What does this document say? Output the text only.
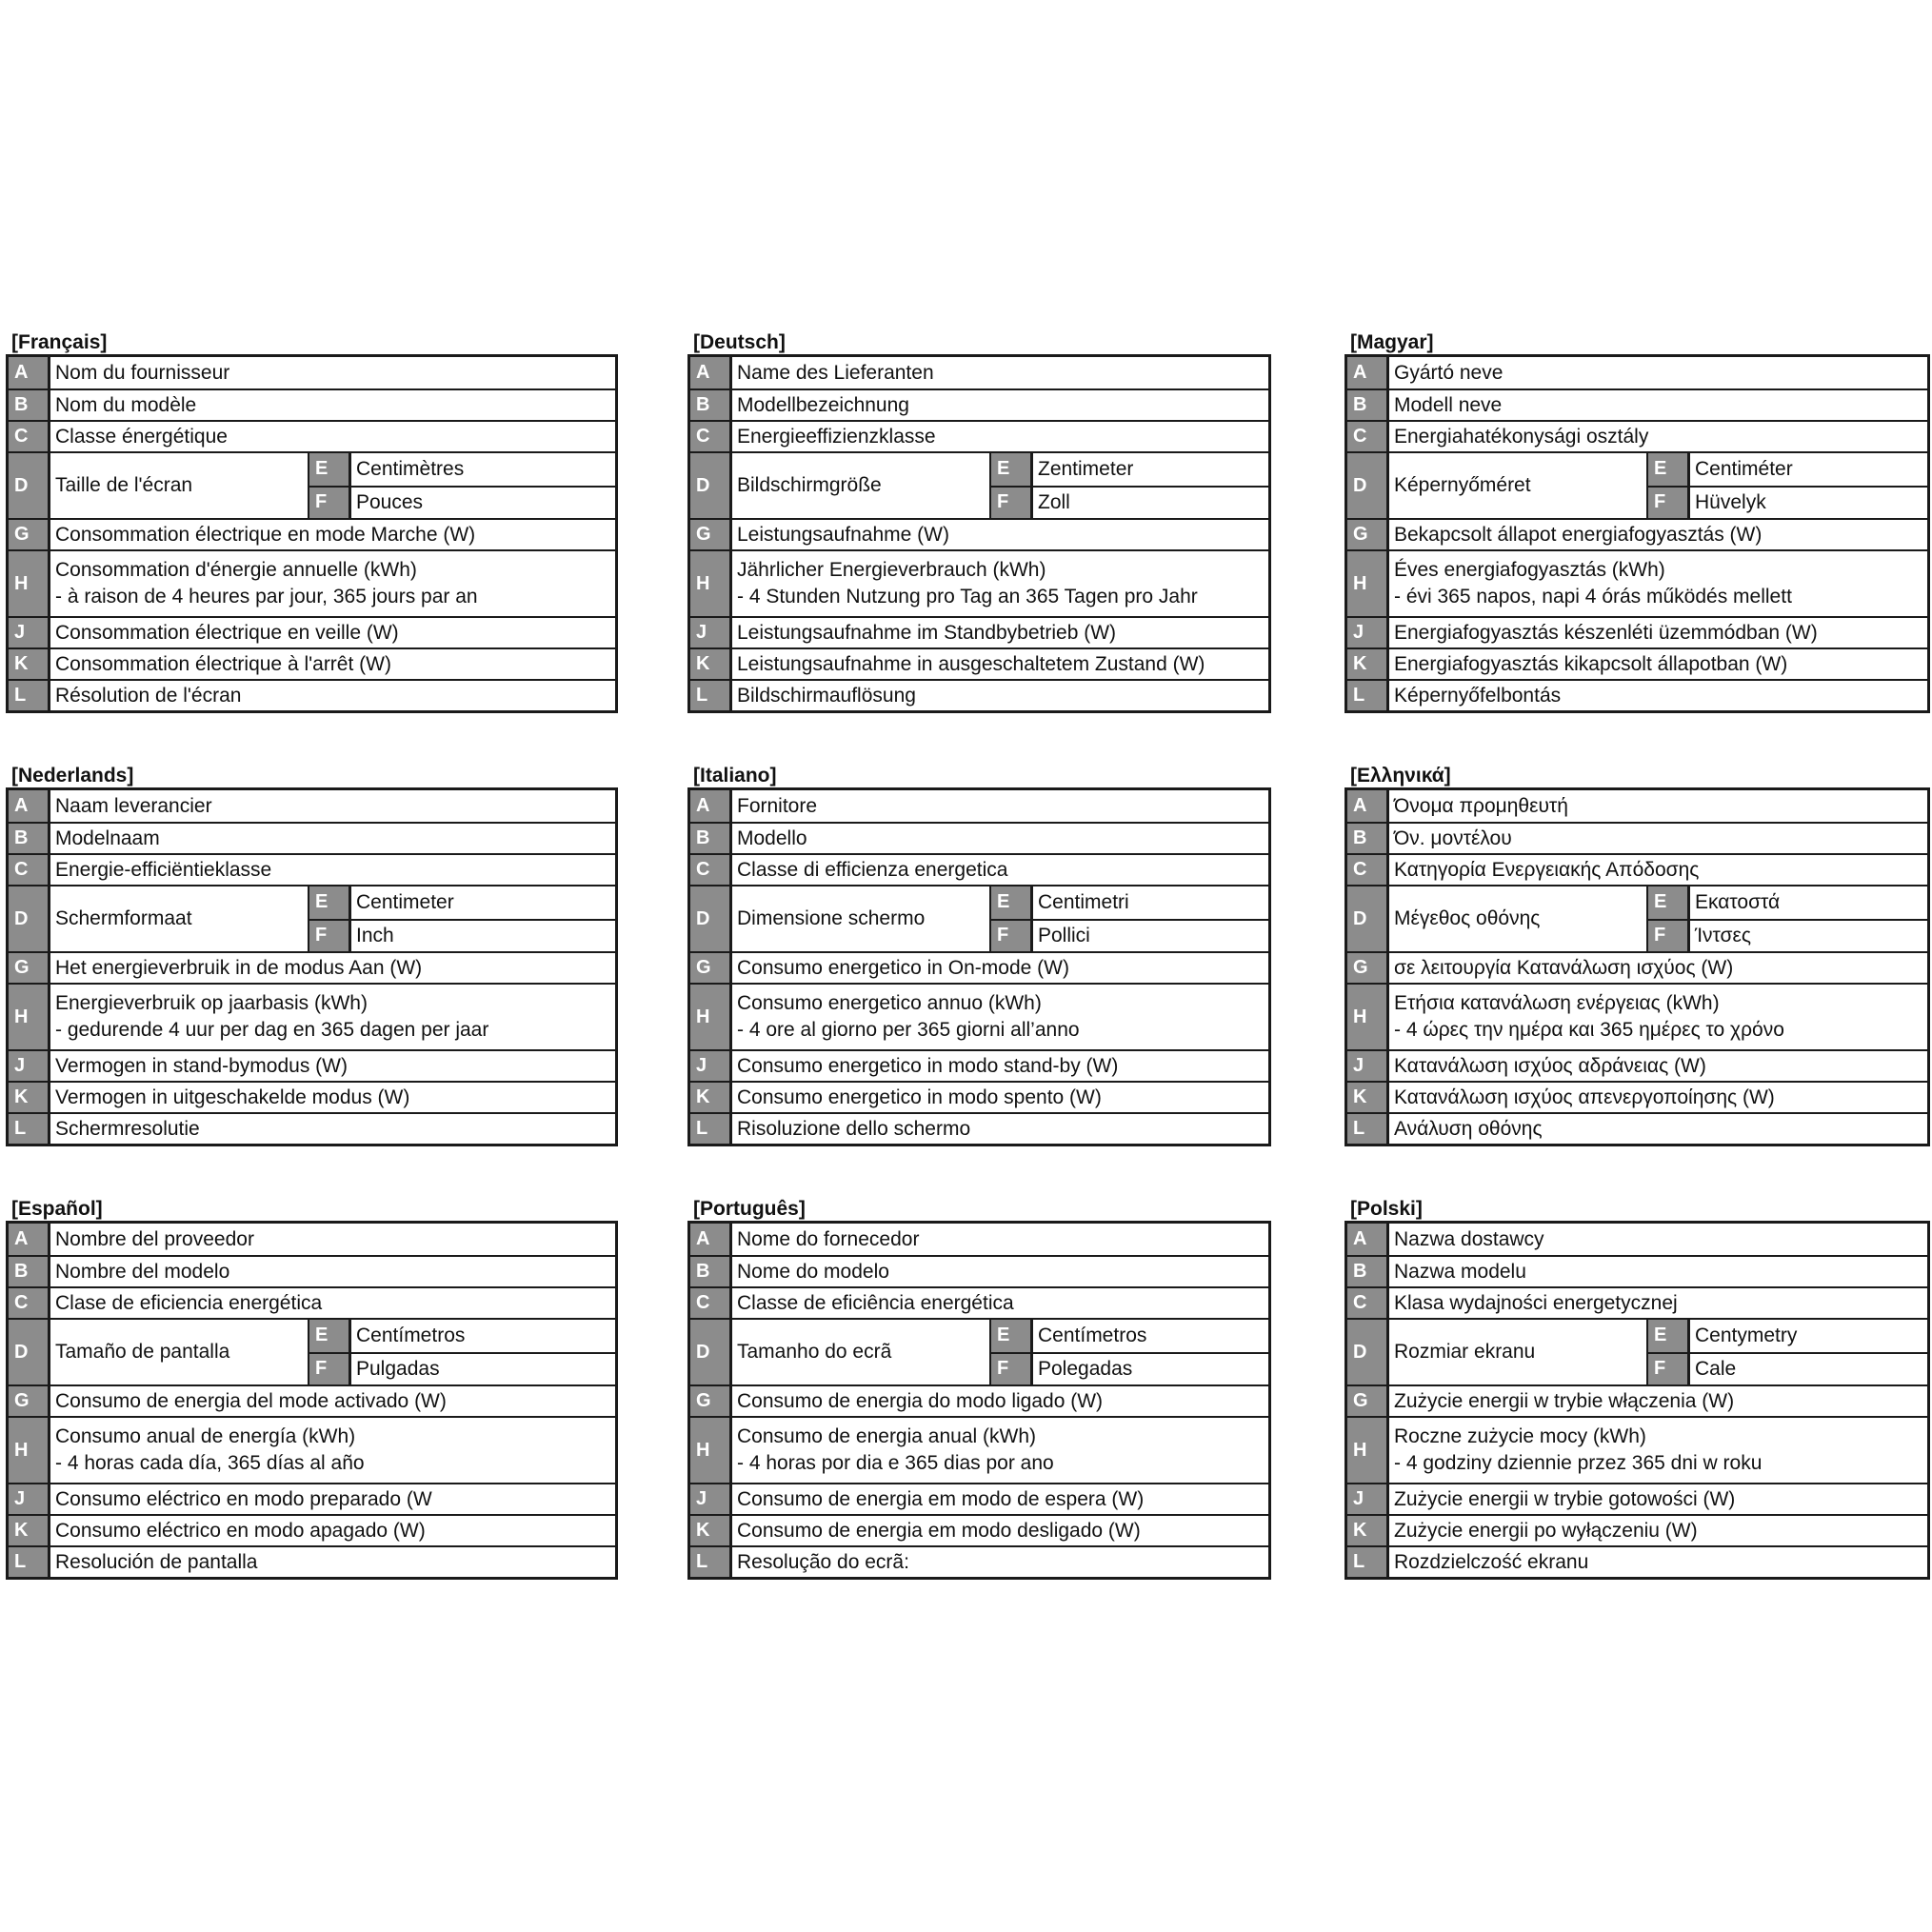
[Français]
A	Nom du fournisseur
B	Nom du modèle
C	Classe énergétique
D	Taille de l'écran
E	Centimètres
F	Pouces
G	Consommation électrique en mode Marche (W)
H
Consommation d'énergie annuelle (kWh)
- à raison de 4 heures par jour, 365 jours par an
J	Consommation électrique en veille (W)
K	Consommation électrique à l'arrêt (W)
L	Résolution de l'écran
[Deutsch]
A	Name des Lieferanten
B	Modellbezeichnung
C	Energieeffizienzklasse
D	Bildschirmgröße
E	Zentimeter
F	Zoll
G	Leistungsaufnahme (W)
H
Jährlicher Energieverbrauch (kWh)
- 4 Stunden Nutzung pro Tag an 365 Tagen pro Jahr
J	Leistungsaufnahme im Standbybetrieb (W)
K	Leistungsaufnahme in ausgeschaltetem Zustand (W)
L	Bildschirmauflösung
[Magyar]
A	Gyártó neve
B	Modell neve
C	Energiahatékonysági osztály
D	Képernyőméret
E	Centiméter
F	Hüvelyk
G	Bekapcsolt állapot energiafogyasztás (W)
H
Éves energiafogyasztás (kWh)
- évi 365 napos, napi 4 órás működés mellett
J	Energiafogyasztás készenléti üzemmódban (W)
K	Energiafogyasztás kikapcsolt állapotban (W)
L	Képernyőfelbontás
[Nederlands]
A	Naam leverancier
B	Modelnaam
C	Energie-efficiëntieklasse
D	Schermformaat
E	Centimeter
F	Inch
G	Het energieverbruik in de modus Aan (W)
H
Energieverbruik op jaarbasis (kWh)
- gedurende 4 uur per dag en 365 dagen per jaar
J	Vermogen in stand-bymodus (W)
K	Vermogen in uitgeschakelde modus (W)
L	Schermresolutie
[Italiano]
A	Fornitore
B	Modello
C	Classe di efficienza energetica
D	Dimensione schermo
E	Centimetri
F	Pollici
G	Consumo energetico in On-mode (W)
H
Consumo energetico annuo (kWh)
- 4 ore al giorno per 365 giorni all’anno
J	Consumo energetico in modo stand-by (W)
K	Consumo energetico in modo spento (W)
L	Risoluzione dello schermo
[Ελληνικά]
A	Όνομα προμηθευτή
B	Όν. μοντέλου
C	Κατηγορία Ενεργειακής Απόδοσης
D	Μέγεθος οθόνης
E	Εκατοστά
F	Ίντσες
G	σε λειτουργία Κατανάλωση ισχύος (W)
H
Ετήσια κατανάλωση ενέργειας (kWh)
- 4 ώρες την ημέρα και 365 ημέρες το χρόνο
J	Κατανάλωση ισχύος αδράνειας (W)
K	Κατανάλωση ισχύος απενεργοποίησης (W)
L	Ανάλυση οθόνης
[Español]
A	Nombre del proveedor
B	Nombre del modelo
C	Clase de eficiencia energética
D	Tamaño de pantalla
E	Centímetros
F	Pulgadas
G	Consumo de energia del mode activado (W)
H
Consumo anual de energía (kWh)
- 4 horas cada día, 365 días al año
J	Consumo eléctrico en modo preparado (W
K	Consumo eléctrico en modo apagado (W)
L	Resolución de pantalla
[Português]
A	Nome do fornecedor
B	Nome do modelo
C	Classe de eficiência energética
D	Tamanho do ecrã
E	Centímetros
F	Polegadas
G	Consumo de energia do modo ligado (W)
H
Consumo de energia anual (kWh)
- 4 horas por dia e 365 dias por ano
J	Consumo de energia em modo de espera (W)
K	Consumo de energia em modo desligado (W)
L	Resolução do ecrã:
[Polski]
A	Nazwa dostawcy
B	Nazwa modelu
C	Klasa wydajności energetycznej
D	Rozmiar ekranu
E	Centymetry
F	Cale
G	Zużycie energii w trybie włączenia (W)
H
Roczne zużycie mocy (kWh)
- 4 godziny dziennie przez 365 dni w roku
J	Zużycie energii w trybie gotowości (W)
K	Zużycie energii po wyłączeniu (W)
L	Rozdzielczość ekranu
